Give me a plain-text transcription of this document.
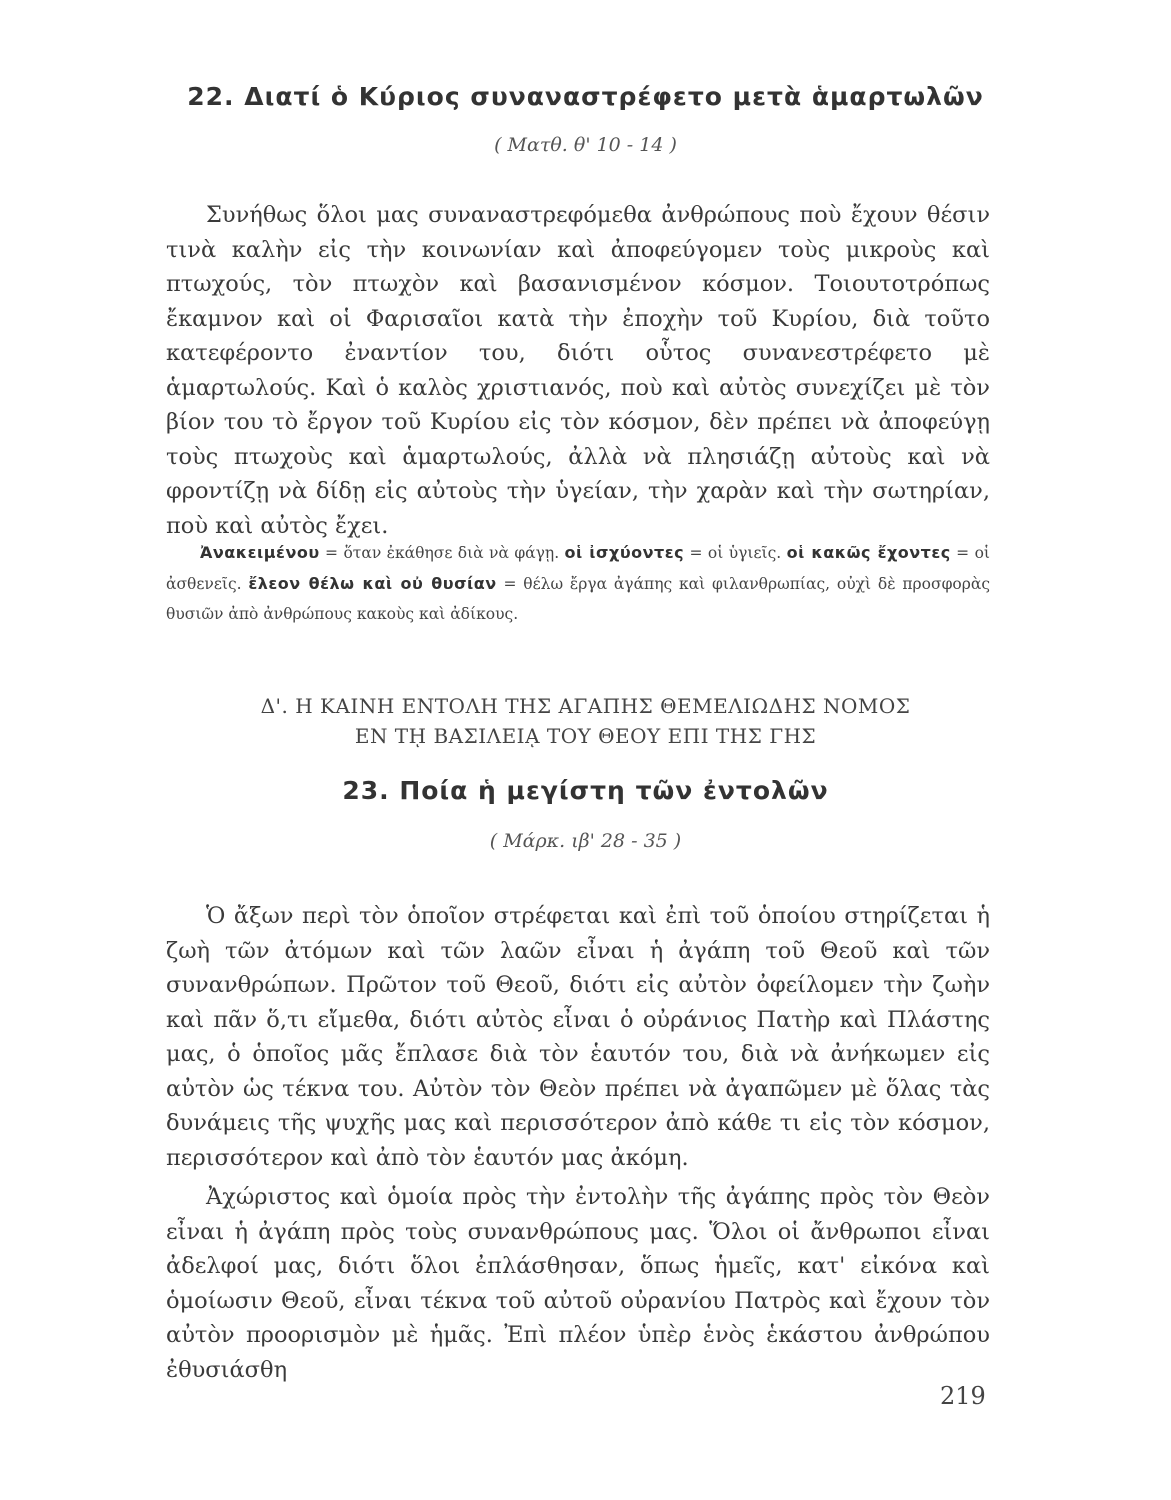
22. Διατί ὁ Κύριος συναναστρέφετο μετὰ ἁμαρτωλῶν
( Ματθ. θ' 10 - 14 )

Συνήθως ὅλοι μας συναναστρεφόμεθα ἀνθρώπους ποὺ ἔχουν θέσιν τινὰ καλὴν εἰς τὴν κοινωνίαν καὶ ἀποφεύγομεν τοὺς μικροὺς καὶ πτωχούς, τὸν πτωχὸν καὶ βασανισμένον κόσμον. Τοιουτοτρόπως ἔκαμνον καὶ οἱ Φαρισαῖοι κατὰ τὴν ἐποχὴν τοῦ Κυρίου, διὰ τοῦτο κατεφέροντο ἐναντίον του, διότι οὗτος συνανεστρέφετο μὲ ἁμαρτωλούς. Καὶ ὁ καλὸς χριστιανός, ποὺ καὶ αὐτὸς συνεχίζει μὲ τὸν βίον του τὸ ἔργον τοῦ Κυρίου εἰς τὸν κόσμον, δὲν πρέπει νὰ ἀποφεύγῃ τοὺς πτωχοὺς καὶ ἁμαρτωλούς, ἀλλὰ νὰ πλησιάζῃ αὐτοὺς καὶ νὰ φροντίζῃ νὰ δίδῃ εἰς αὐτοὺς τὴν ὑγείαν, τὴν χαρὰν καὶ τὴν σωτηρίαν, ποὺ καὶ αὐτὸς ἔχει.

Ἀνακειμένου = ὅταν ἐκάθησε διὰ νὰ φάγῃ. οἱ ἰσχύοντες = οἱ ὑγιεῖς. οἱ κακῶς ἔχοντες = οἱ ἀσθενεῖς. ἔλεον θέλω καὶ οὐ θυσίαν = θέλω ἔργα ἀγάπης καὶ φιλανθρωπίας, οὐχὶ δὲ προσφορὰς θυσιῶν ἀπὸ ἀνθρώπους κακοὺς καὶ ἀδίκους.

Δ'. Η ΚΑΙΝΗ ΕΝΤΟΛΗ ΤΗΣ ΑΓΑΠΗΣ ΘΕΜΕΛΙΩΔΗΣ ΝΟΜΟΣ
ΕΝ Τῌ ΒΑΣΙΛΕΙᾼ ΤΟΥ ΘΕΟΥ ΕΠΙ ΤΗΣ ΓΗΣ
23. Ποία ἡ μεγίστη τῶν ἐντολῶν
( Μάρκ. ιβ' 28 - 35 )

Ὁ ἄξων περὶ τὸν ὁποῖον στρέφεται καὶ ἐπὶ τοῦ ὁποίου στηρίζεται ἡ ζωὴ τῶν ἀτόμων καὶ τῶν λαῶν εἶναι ἡ ἀγάπη τοῦ Θεοῦ καὶ τῶν συνανθρώπων. Πρῶτον τοῦ Θεοῦ, διότι εἰς αὐτὸν ὀφείλομεν τὴν ζωὴν καὶ πᾶν ὅ,τι εἴμεθα, διότι αὐτὸς εἶναι ὁ οὐράνιος Πατὴρ καὶ Πλάστης μας, ὁ ὁποῖος μᾶς ἔπλασε διὰ τὸν ἑαυτόν του, διὰ νὰ ἀνήκωμεν εἰς αὐτὸν ὡς τέκνα του. Αὐτὸν τὸν Θεὸν πρέπει νὰ ἀγαπῶμεν μὲ ὅλας τὰς δυνάμεις τῆς ψυχῆς μας καὶ περισσότερον ἀπὸ κάθε τι εἰς τὸν κόσμον, περισσότερον καὶ ἀπὸ τὸν ἑαυτόν μας ἀκόμη.

Ἀχώριστος καὶ ὁμοία πρὸς τὴν ἐντολὴν τῆς ἀγάπης πρὸς τὸν Θεὸν εἶναι ἡ ἀγάπη πρὸς τοὺς συνανθρώπους μας. Ὅλοι οἱ ἄνθρωποι εἶναι ἀδελφοί μας, διότι ὅλοι ἐπλάσθησαν, ὅπως ἡμεῖς, κατ' εἰκόνα καὶ ὁμοίωσιν Θεοῦ, εἶναι τέκνα τοῦ αὐτοῦ οὐρανίου Πατρὸς καὶ ἔχουν τὸν αὐτὸν προορισμὸν μὲ ἡμᾶς. Ἐπὶ πλέον ὑπὲρ ἑνὸς ἑκάστου ἀνθρώπου ἐθυσιάσθη

219
